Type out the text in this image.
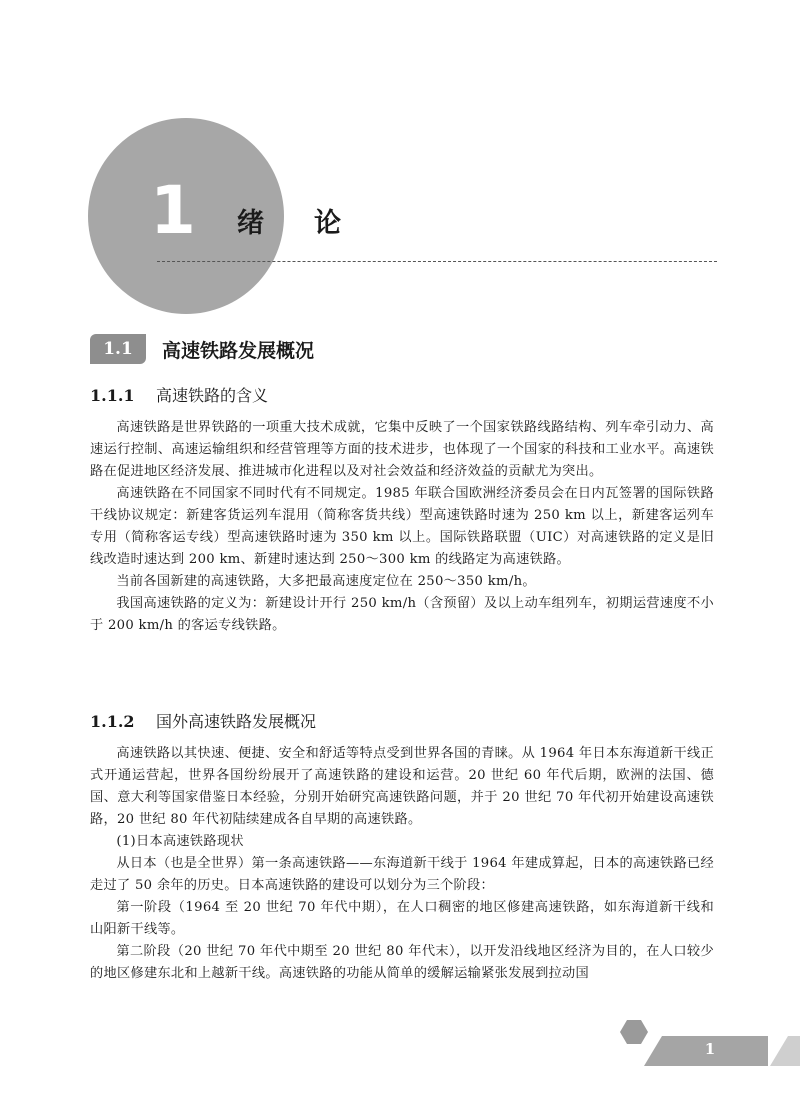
1	绪论
1.1	高速铁路发展概况
1.1.1	高速铁路的含义

高速铁路是世界铁路的一项重大技术成就，它集中反映了一个国家铁路线路结构、列车牵引动力、高速运行控制、高速运输组织和经营管理等方面的技术进步，也体现了一个国家的科技和工业水平。高速铁路在促进地区经济发展、推进城市化进程以及对社会效益和经济效益的贡献尤为突出。

高速铁路在不同国家不同时代有不同规定。1985 年联合国欧洲经济委员会在日内瓦签署的国际铁路干线协议规定：新建客货运列车混用（简称客货共线）型高速铁路时速为 250 km 以上，新建客运列车专用（简称客运专线）型高速铁路时速为 350 km 以上。国际铁路联盟（UIC）对高速铁路的定义是旧线改造时速达到 200 km、新建时速达到 250～300 km 的线路定为高速铁路。

当前各国新建的高速铁路，大多把最高速度定位在 250～350 km/h。

我国高速铁路的定义为：新建设计开行 250 km/h（含预留）及以上动车组列车，初期运营速度不小于 200 km/h 的客运专线铁路。

1.1.2	国外高速铁路发展概况

高速铁路以其快速、便捷、安全和舒适等特点受到世界各国的青睐。从 1964 年日本东海道新干线正式开通运营起，世界各国纷纷展开了高速铁路的建设和运营。20 世纪 60 年代后期，欧洲的法国、德国、意大利等国家借鉴日本经验，分别开始研究高速铁路问题，并于 20 世纪 70 年代初开始建设高速铁路，20 世纪 80 年代初陆续建成各自早期的高速铁路。

(1)日本高速铁路现状

从日本（也是全世界）第一条高速铁路——东海道新干线于 1964 年建成算起，日本的高速铁路已经走过了 50 余年的历史。日本高速铁路的建设可以划分为三个阶段：

第一阶段（1964 至 20 世纪 70 年代中期），在人口稠密的地区修建高速铁路，如东海道新干线和山阳新干线等。

第二阶段（20 世纪 70 年代中期至 20 世纪 80 年代末），以开发沿线地区经济为目的，在人口较少的地区修建东北和上越新干线。高速铁路的功能从简单的缓解运输紧张发展到拉动国

1
